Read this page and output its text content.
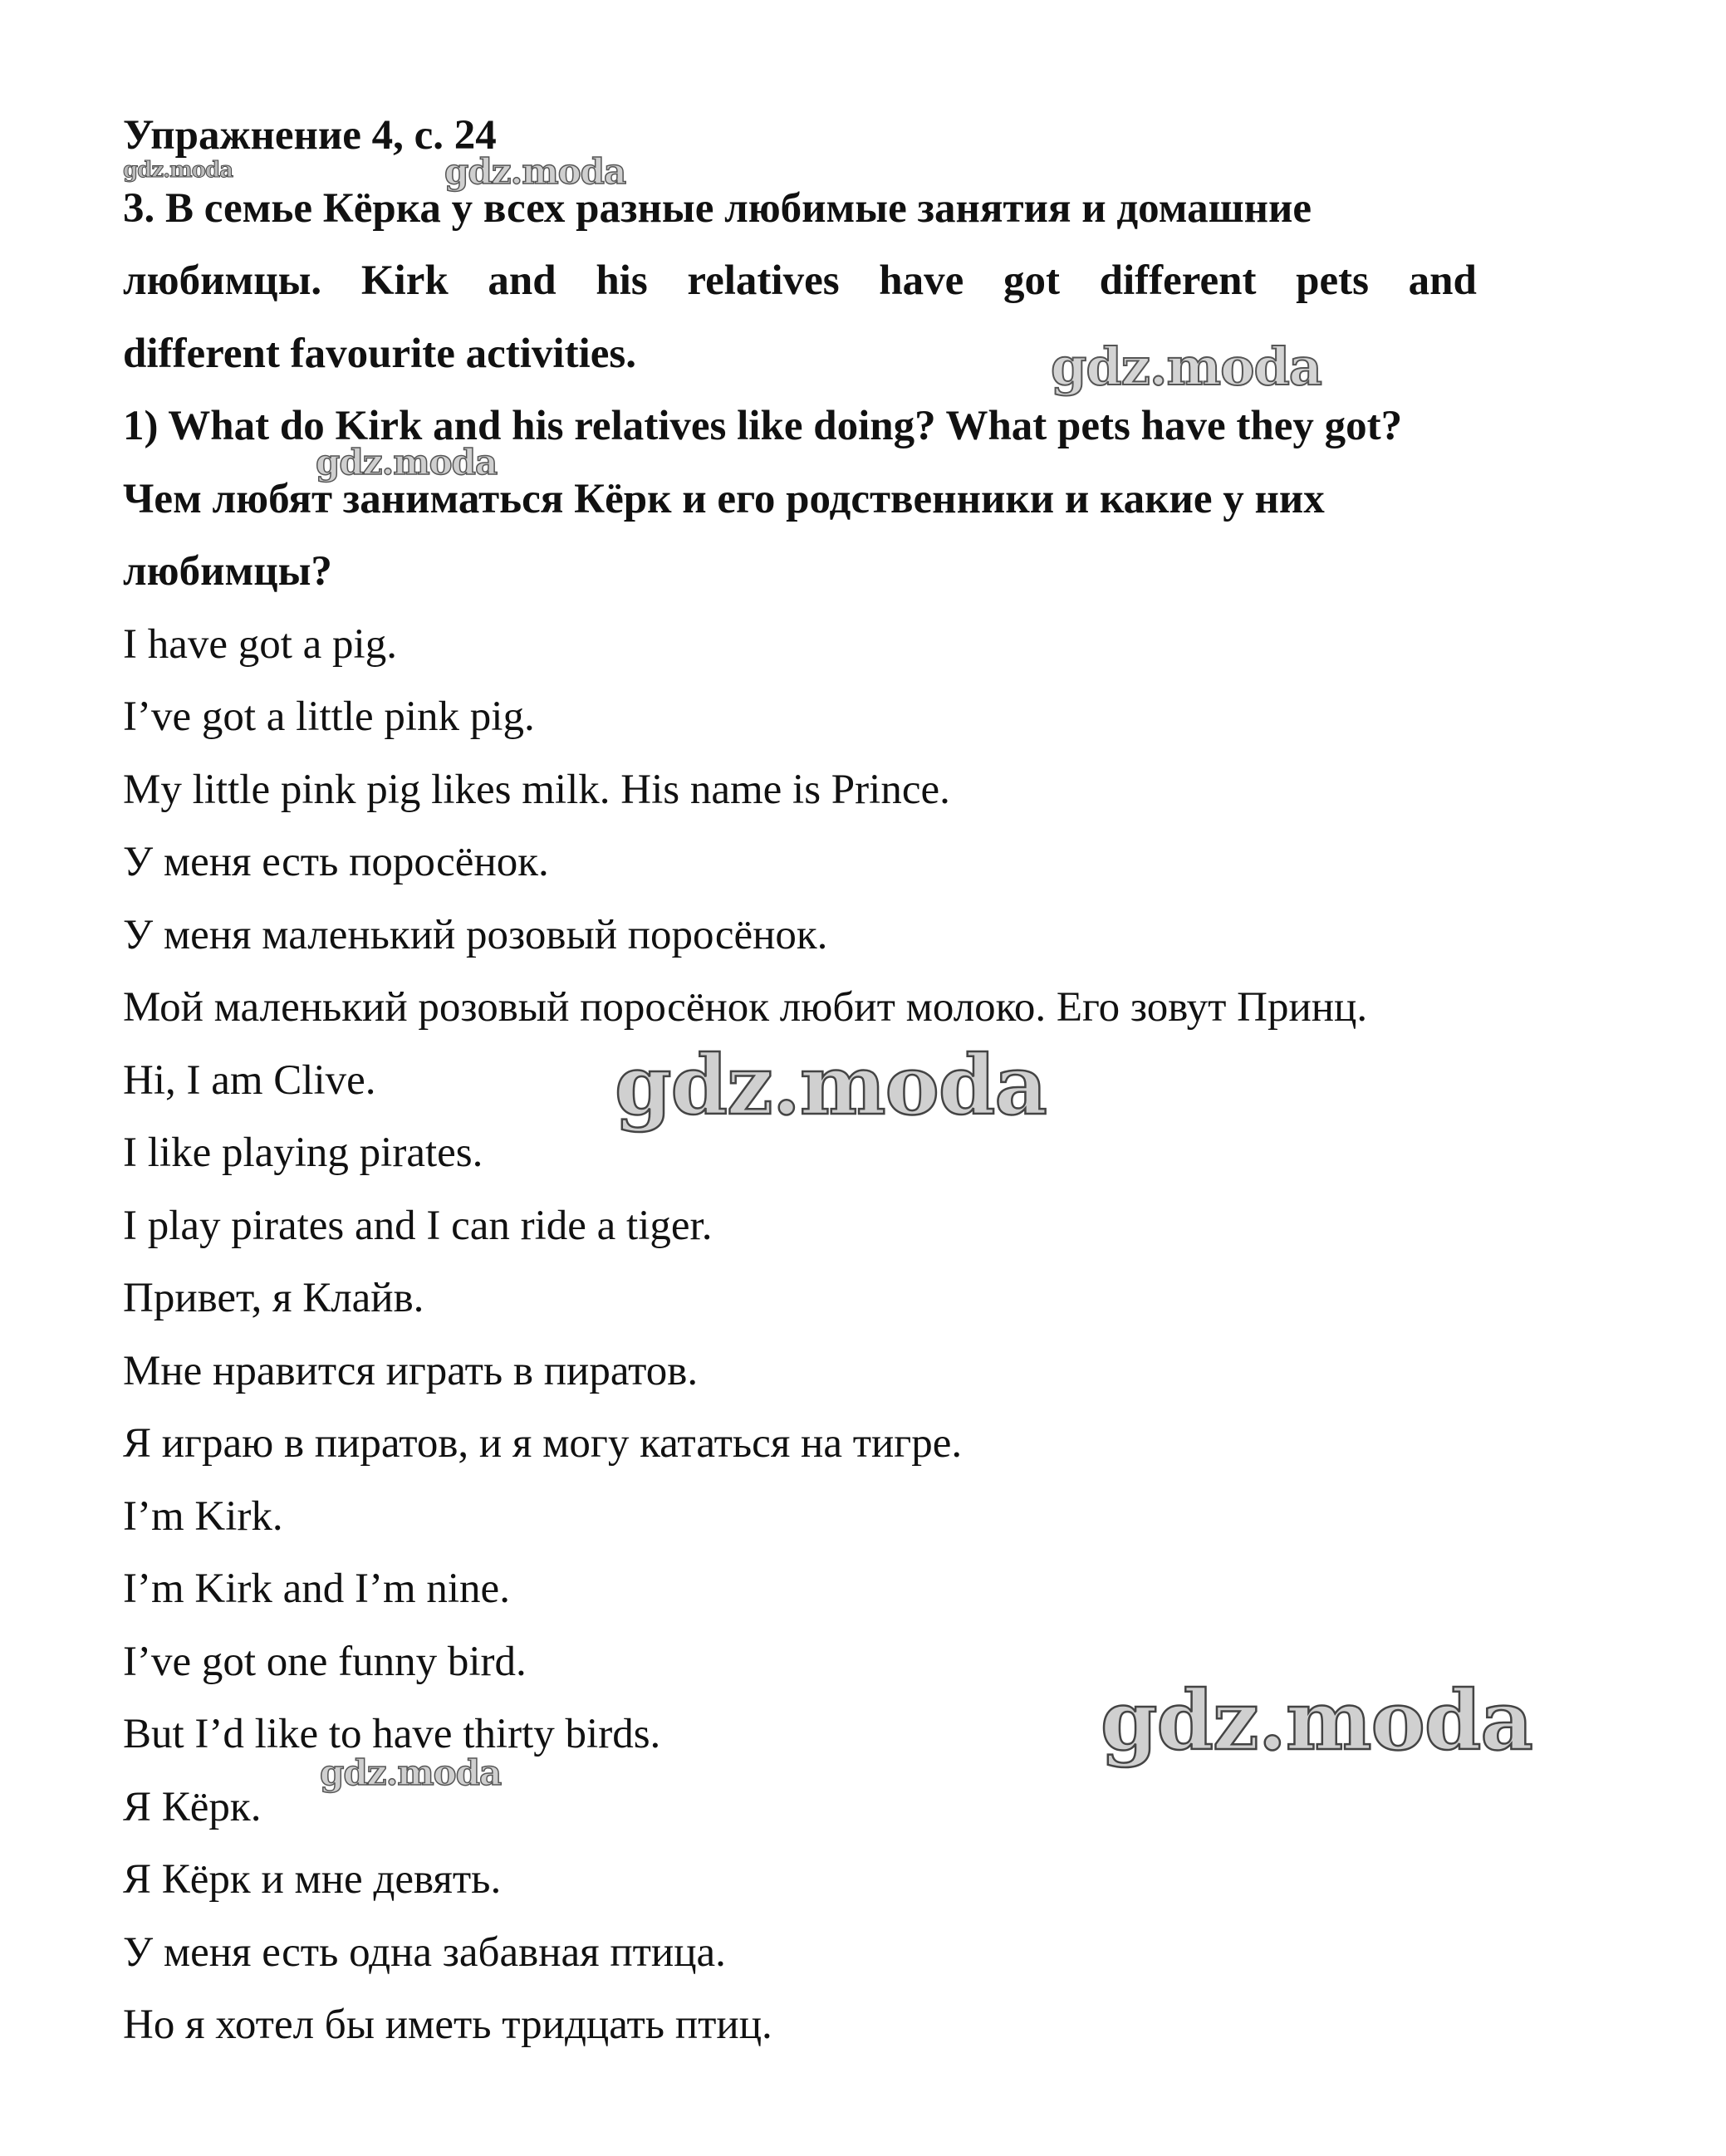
Упражнение 4, с. 24

3. В семье Кёрка у всех разные любимые занятия и домашние

любимцы. Kirk and his relatives have got different pets and

different favourite activities.

1) What do Kirk and his relatives like doing? What pets have they got?

Чем любят заниматься Кёрк и его родственники и какие у них

любимцы?

I have got a pig.

I’ve got a little pink pig.

My little pink pig likes milk. His name is Prince.

У меня есть поросёнок.

У меня маленький розовый поросёнок.

Мой маленький розовый поросёнок любит молоко. Его зовут Принц.

Hi, I am Clive.

I like playing pirates.

I play pirates and I can ride a tiger.

Привет, я Клайв.

Мне нравится играть в пиратов.

Я играю в пиратов, и я могу кататься на тигре.

I’m Kirk.

I’m Kirk and I’m nine.

I’ve got one funny bird.

But I’d like to have thirty birds.

Я Кёрк.

Я Кёрк и мне девять.

У меня есть одна забавная птица.

Но я хотел бы иметь тридцать птиц.

gdz.moda	gdz.moda
gdz.moda
gdz.moda
gdz.moda
gdz.moda
gdz.moda
